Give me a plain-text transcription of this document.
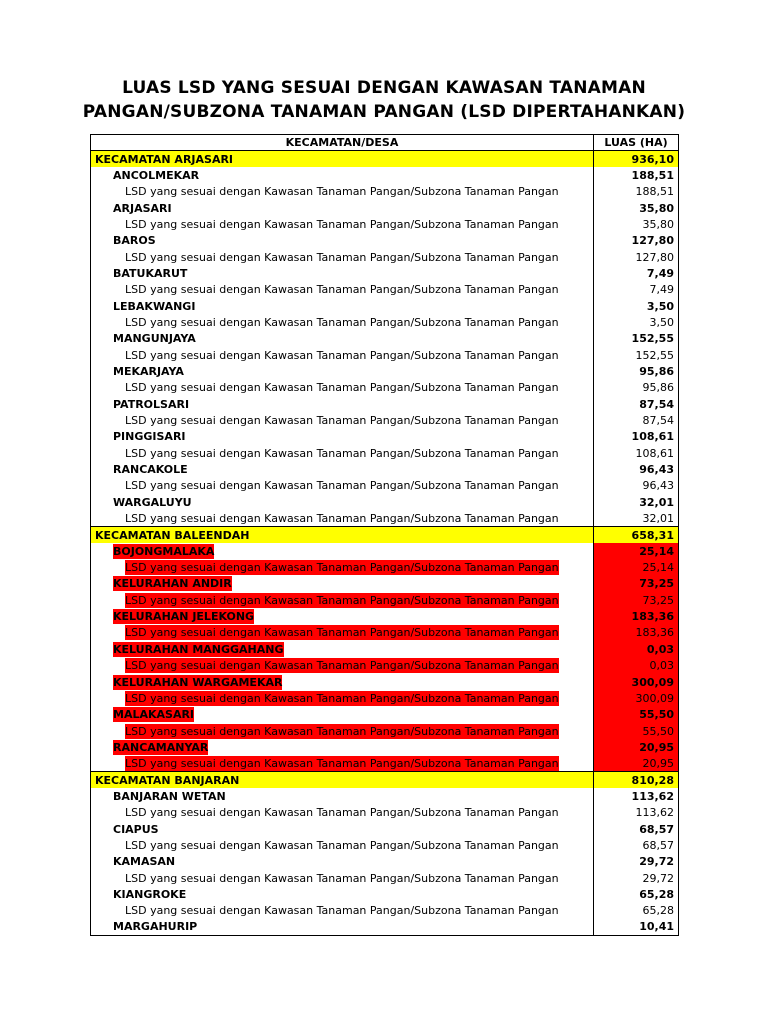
LUAS LSD YANG SESUAI DENGAN KAWASAN TANAMAN
PANGAN/SUBZONA TANAMAN PANGAN (LSD DIPERTAHANKAN)
KECAMATAN/DESA	LUAS (HA)
KECAMATAN ARJASARI	936,10
ANCOLMEKAR	188,51
LSD yang sesuai dengan Kawasan Tanaman Pangan/Subzona Tanaman Pangan	188,51
ARJASARI	35,80
LSD yang sesuai dengan Kawasan Tanaman Pangan/Subzona Tanaman Pangan	35,80
BAROS	127,80
LSD yang sesuai dengan Kawasan Tanaman Pangan/Subzona Tanaman Pangan	127,80
BATUKARUT	7,49
LSD yang sesuai dengan Kawasan Tanaman Pangan/Subzona Tanaman Pangan	7,49
LEBAKWANGI	3,50
LSD yang sesuai dengan Kawasan Tanaman Pangan/Subzona Tanaman Pangan	3,50
MANGUNJAYA	152,55
LSD yang sesuai dengan Kawasan Tanaman Pangan/Subzona Tanaman Pangan	152,55
MEKARJAYA	95,86
LSD yang sesuai dengan Kawasan Tanaman Pangan/Subzona Tanaman Pangan	95,86
PATROLSARI	87,54
LSD yang sesuai dengan Kawasan Tanaman Pangan/Subzona Tanaman Pangan	87,54
PINGGISARI	108,61
LSD yang sesuai dengan Kawasan Tanaman Pangan/Subzona Tanaman Pangan	108,61
RANCAKOLE	96,43
LSD yang sesuai dengan Kawasan Tanaman Pangan/Subzona Tanaman Pangan	96,43
WARGALUYU	32,01
LSD yang sesuai dengan Kawasan Tanaman Pangan/Subzona Tanaman Pangan	32,01
KECAMATAN BALEENDAH	658,31
BOJONGMALAKA	25,14
LSD yang sesuai dengan Kawasan Tanaman Pangan/Subzona Tanaman Pangan	25,14
KELURAHAN ANDIR	73,25
LSD yang sesuai dengan Kawasan Tanaman Pangan/Subzona Tanaman Pangan	73,25
KELURAHAN JELEKONG	183,36
LSD yang sesuai dengan Kawasan Tanaman Pangan/Subzona Tanaman Pangan	183,36
KELURAHAN MANGGAHANG	0,03
LSD yang sesuai dengan Kawasan Tanaman Pangan/Subzona Tanaman Pangan	0,03
KELURAHAN WARGAMEKAR	300,09
LSD yang sesuai dengan Kawasan Tanaman Pangan/Subzona Tanaman Pangan	300,09
MALAKASARI	55,50
LSD yang sesuai dengan Kawasan Tanaman Pangan/Subzona Tanaman Pangan	55,50
RANCAMANYAR	20,95
LSD yang sesuai dengan Kawasan Tanaman Pangan/Subzona Tanaman Pangan	20,95
KECAMATAN BANJARAN	810,28
BANJARAN WETAN	113,62
LSD yang sesuai dengan Kawasan Tanaman Pangan/Subzona Tanaman Pangan	113,62
CIAPUS	68,57
LSD yang sesuai dengan Kawasan Tanaman Pangan/Subzona Tanaman Pangan	68,57
KAMASAN	29,72
LSD yang sesuai dengan Kawasan Tanaman Pangan/Subzona Tanaman Pangan	29,72
KIANGROKE	65,28
LSD yang sesuai dengan Kawasan Tanaman Pangan/Subzona Tanaman Pangan	65,28
MARGAHURIP	10,41
